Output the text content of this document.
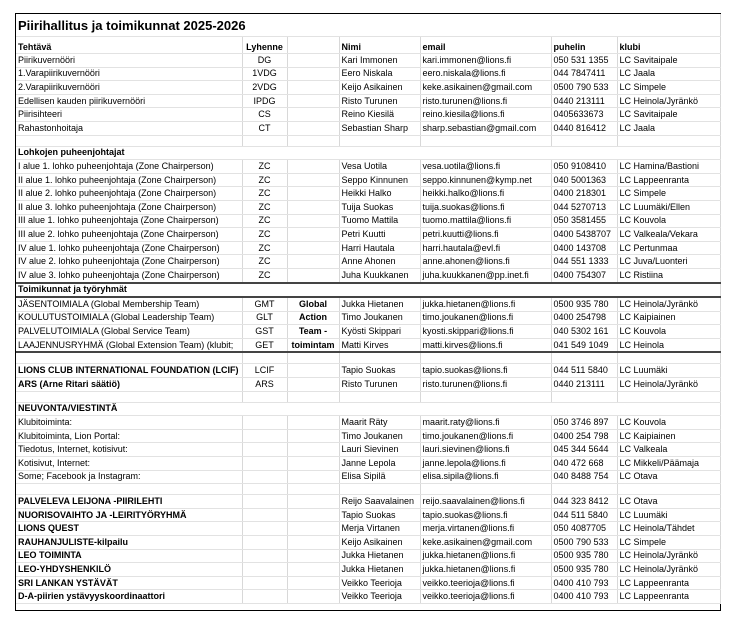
Piirihallitus ja toimikunnat 2025-2026						
Tehtävä	Lyhenne		Nimi	email	puhelin	klubi
Piirikuvernööri	DG		Kari Immonen	kari.immonen@lions.fi	050 531 1355	LC Savitaipale
1.Varapiirikuvernööri	1VDG		Eero Niskala	eero.niskala@lions.fi	044 7847411	LC Jaala
2.Varapiirikuvernööri	2VDG		Keijo Asikainen	keke.asikainen@gmail.com	0500 790 533	LC Simpele
Edellisen kauden piirikuvernööri	IPDG		Risto Turunen	risto.turunen@lions.fi	0440 213111	LC Heinola/Jyränkö
Piirisihteeri	CS		Reino Kiesilä	reino.kiesila@lions.fi	0405633673	LC Savitaipale
Rahastonhoitaja	CT		Sebastian Sharp	sharp.sebastian@gmail.com	0440 816412	LC Jaala

Lohkojen puheenjohtajat						
I alue 1. lohko puheenjohtaja (Zone Chairperson)	ZC		Vesa Uotila	vesa.uotila@lions.fi	050 9108410	LC Hamina/Bastioni
II alue 1. lohko puheenjohtaja (Zone Chairperson)	ZC		Seppo Kinnunen	seppo.kinnunen@kymp.net	040 5001363	LC Lappeenranta
II alue 2. lohko puheenjohtaja (Zone Chairperson)	ZC		Heikki Halko	heikki.halko@lions.fi	0400 218301	LC Simpele
II alue 3. lohko puheenjohtaja (Zone Chairperson)	ZC		Tuija Suokas	tuija.suokas@lions.fi	044 5270713	LC Luumäki/Ellen
III alue 1. lohko puheenjohtaja (Zone Chairperson)	ZC		Tuomo Mattila	tuomo.mattila@lions.fi	050 3581455	LC Kouvola
III alue 2. lohko puheenjohtaja (Zone Chairperson)	ZC		Petri Kuutti	petri.kuutti@lions.fi	0400 5438707	LC Valkeala/Vekara
IV alue 1. lohko puheenjohtaja (Zone Chairperson)	ZC		Harri Hautala	harri.hautala@evl.fi	0400 143708	LC Pertunmaa
IV alue 2. lohko puheenjohtaja (Zone Chairperson)	ZC		Anne Ahonen	anne.ahonen@lions.fi	044 551 1333	LC Juva/Luonteri
IV alue 3. lohko puheenjohtaja (Zone Chairperson)	ZC		Juha Kuukkanen	juha.kuukkanen@pp.inet.fi	0400 754307	LC Ristiina
Toimikunnat ja työryhmät						
JÄSENTOIMIALA (Global Membership Team)	GMT	Global	Jukka Hietanen	jukka.hietanen@lions.fi	0500 935 780	LC Heinola/Jyränkö
KOULUTUSTOIMIALA (Global Leadership Team)	GLT	Action	Timo Joukanen	timo.joukanen@lions.fi	0400 254798	LC Kaipiainen
PALVELUTOIMIALA (Global Service Team)	GST	Team -	Kyösti Skippari	kyosti.skippari@lions.fi	040 5302 161	LC Kouvola
LAAJENNUSRYHMÄ (Global Extension Team) (klubit;	GET	toimintam	Matti Kirves	matti.kirves@lions.fi	041 549 1049	LC Heinola

LIONS CLUB INTERNATIONAL FOUNDATION (LCIF)	LCIF		Tapio Suokas	tapio.suokas@lions.fi	044 511 5840	LC Luumäki
ARS (Arne Ritari säätiö)	ARS		Risto Turunen	risto.turunen@lions.fi	0440 213111	LC Heinola/Jyränkö

NEUVONTA/VIESTINTÄ						
Klubitoiminta:			Maarit Räty	maarit.raty@lions.fi	050 3746 897	LC Kouvola
Klubitoiminta, Lion Portal:			Timo Joukanen	timo.joukanen@lions.fi	0400 254 798	LC Kaipiainen
Tiedotus, Internet, kotisivut:			Lauri Sievinen	lauri.sievinen@lions.fi	045 344 5644	LC Valkeala
Kotisivut, Internet:			Janne Lepola	janne.lepola@lions.fi	040 472 668	LC Mikkeli/Päämaja
Some; Facebook ja Instagram:			Elisa Sipilä	elisa.sipila@lions.fi	040 8488 754	LC Otava

PALVELEVA LEIJONA -PIIRILEHTI			Reijo Saavalainen	reijo.saavalainen@lions.fi	044 323 8412	LC Otava
NUORISOVAIHTO JA -LEIRITYÖRYHMÄ			Tapio Suokas	tapio.suokas@lions.fi	044 511 5840	LC Luumäki
LIONS QUEST			Merja Virtanen	merja.virtanen@lions.fi	050 4087705	LC Heinola/Tähdet
RAUHANJULISTE-kilpailu			Keijo Asikainen	keke.asikainen@gmail.com	0500 790 533	LC Simpele
LEO TOIMINTA			Jukka Hietanen	jukka.hietanen@lions.fi	0500 935 780	LC Heinola/Jyränkö
LEO-YHDYSHENKILÖ			Jukka Hietanen	jukka.hietanen@lions.fi	0500 935 780	LC Heinola/Jyränkö
SRI LANKAN YSTÄVÄT			Veikko Teerioja	veikko.teerioja@lions.fi	0400 410 793	LC Lappeenranta
D-A-piirien ystävyyskoordinaattori			Veikko Teerioja	veikko.teerioja@lions.fi	0400 410 793	LC Lappeenranta
